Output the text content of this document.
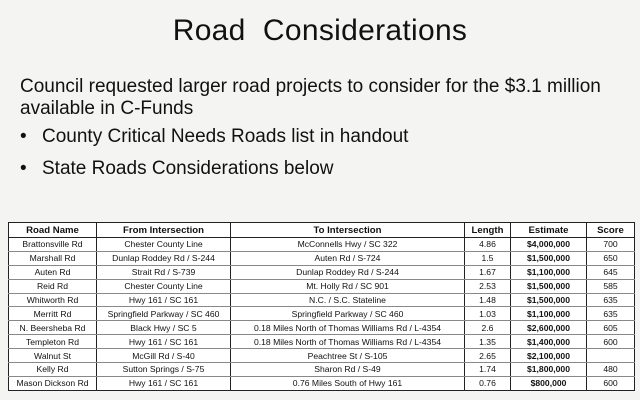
Road  Considerations
Council requested larger road projects to consider for the $3.1 million available in C-Funds
• County Critical Needs Roads list in handout
• State Roads Considerations below
Road Name	From Intersection	To Intersection	Length	Estimate	Score
Brattonsville Rd	Chester County Line	McConnells Hwy / SC 322	4.86	$4,000,000	700
Marshall Rd	Dunlap Roddey Rd / S-244	Auten Rd / S-724	1.5	$1,500,000	650
Auten Rd	Strait Rd / S-739	Dunlap Roddey Rd / S-244	1.67	$1,100,000	645
Reid Rd	Chester County Line	Mt. Holly Rd / SC 901	2.53	$1,500,000	585
Whitworth Rd	Hwy 161 / SC 161	N.C. / S.C. Stateline	1.48	$1,500,000	635
Merritt Rd	Springfield Parkway / SC 460	Springfield Parkway / SC 460	1.03	$1,100,000	635
N. Beersheba Rd	Black Hwy / SC 5	0.18 Miles North of Thomas Williams Rd / L-4354	2.6	$2,600,000	605
Templeton Rd	Hwy 161 / SC 161	0.18 Miles North of Thomas Williams Rd / L-4354	1.35	$1,400,000	600
Walnut St	McGill Rd / S-40	Peachtree St / S-105	2.65	$2,100,000	
Kelly Rd	Sutton Springs / S-75	Sharon Rd / S-49	1.74	$1,800,000	480
Mason Dickson Rd	Hwy 161 / SC 161	0.76 Miles South of Hwy 161	0.76	$800,000	600
